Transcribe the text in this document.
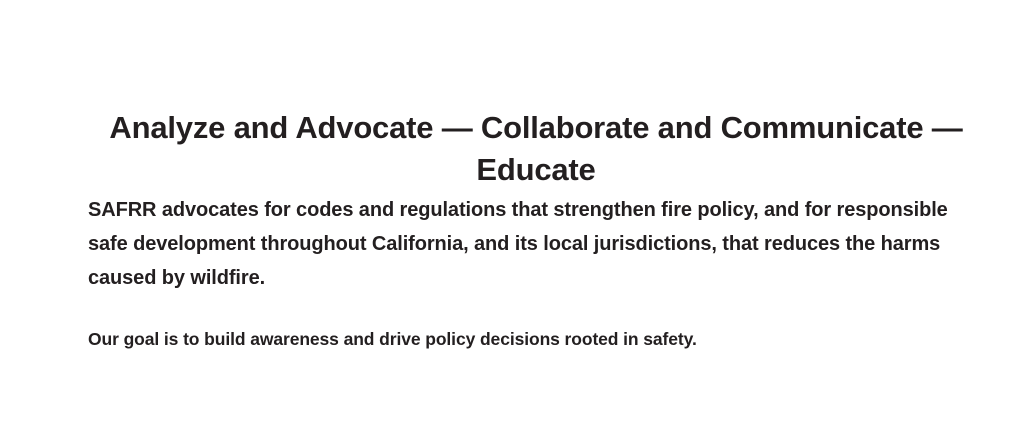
Analyze and Advocate — Collaborate and Communicate — Educate

SAFRR advocates for codes and regulations that strengthen fire policy, and for responsible safe development throughout California, and its local jurisdictions, that reduces the harms caused by wildfire.

Our goal is to build awareness and drive policy decisions rooted in safety.
